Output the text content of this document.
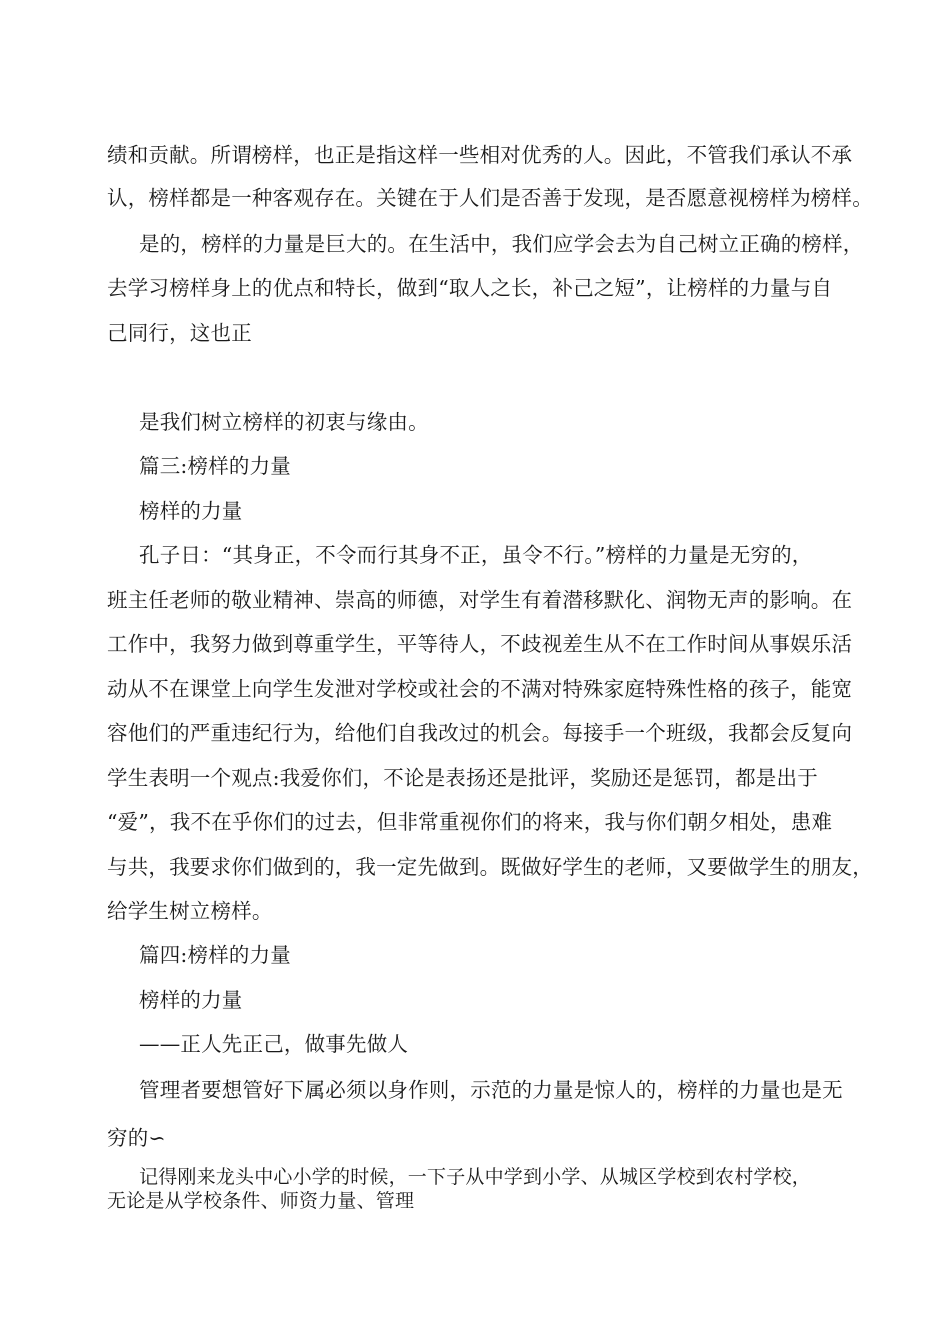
绩和贡献。所谓榜样，也正是指这样一些相对优秀的人。因此，不管我们承认不承
认，榜样都是一种客观存在。关键在于人们是否善于发现，是否愿意视榜样为榜样。
是的，榜样的力量是巨大的。在生活中，我们应学会去为自己树立正确的榜样，
去学习榜样身上的优点和特长，做到“取人之长，补己之短”，让榜样的力量与自
己同行，这也正
是我们树立榜样的初衷与缘由。
篇三:榜样的力量
榜样的力量
孔子日：“其身正，不令而行其身不正，虽令不行。”榜样的力量是无穷的，
班主任老师的敬业精神、崇高的师德，对学生有着潜移默化、润物无声的影响。在
工作中，我努力做到尊重学生，平等待人，不歧视差生从不在工作时间从事娱乐活
动从不在课堂上向学生发泄对学校或社会的不满对特殊家庭特殊性格的孩子，能宽
容他们的严重违纪行为，给他们自我改过的机会。每接手一个班级，我都会反复向
学生表明一个观点:我爱你们，不论是表扬还是批评，奖励还是惩罚，都是出于
“爱”，我不在乎你们的过去，但非常重视你们的将来，我与你们朝夕相处，患难
与共，我要求你们做到的，我一定先做到。既做好学生的老师，又要做学生的朋友，
给学生树立榜样。
篇四:榜样的力量
榜样的力量
——正人先正己，做事先做人
管理者要想管好下属必须以身作则，示范的力量是惊人的，榜样的力量也是无
穷的∽
记得刚来龙头中心小学的时候，一下子从中学到小学、从城区学校到农村学校，
无论是从学校条件、师资力量、管理
